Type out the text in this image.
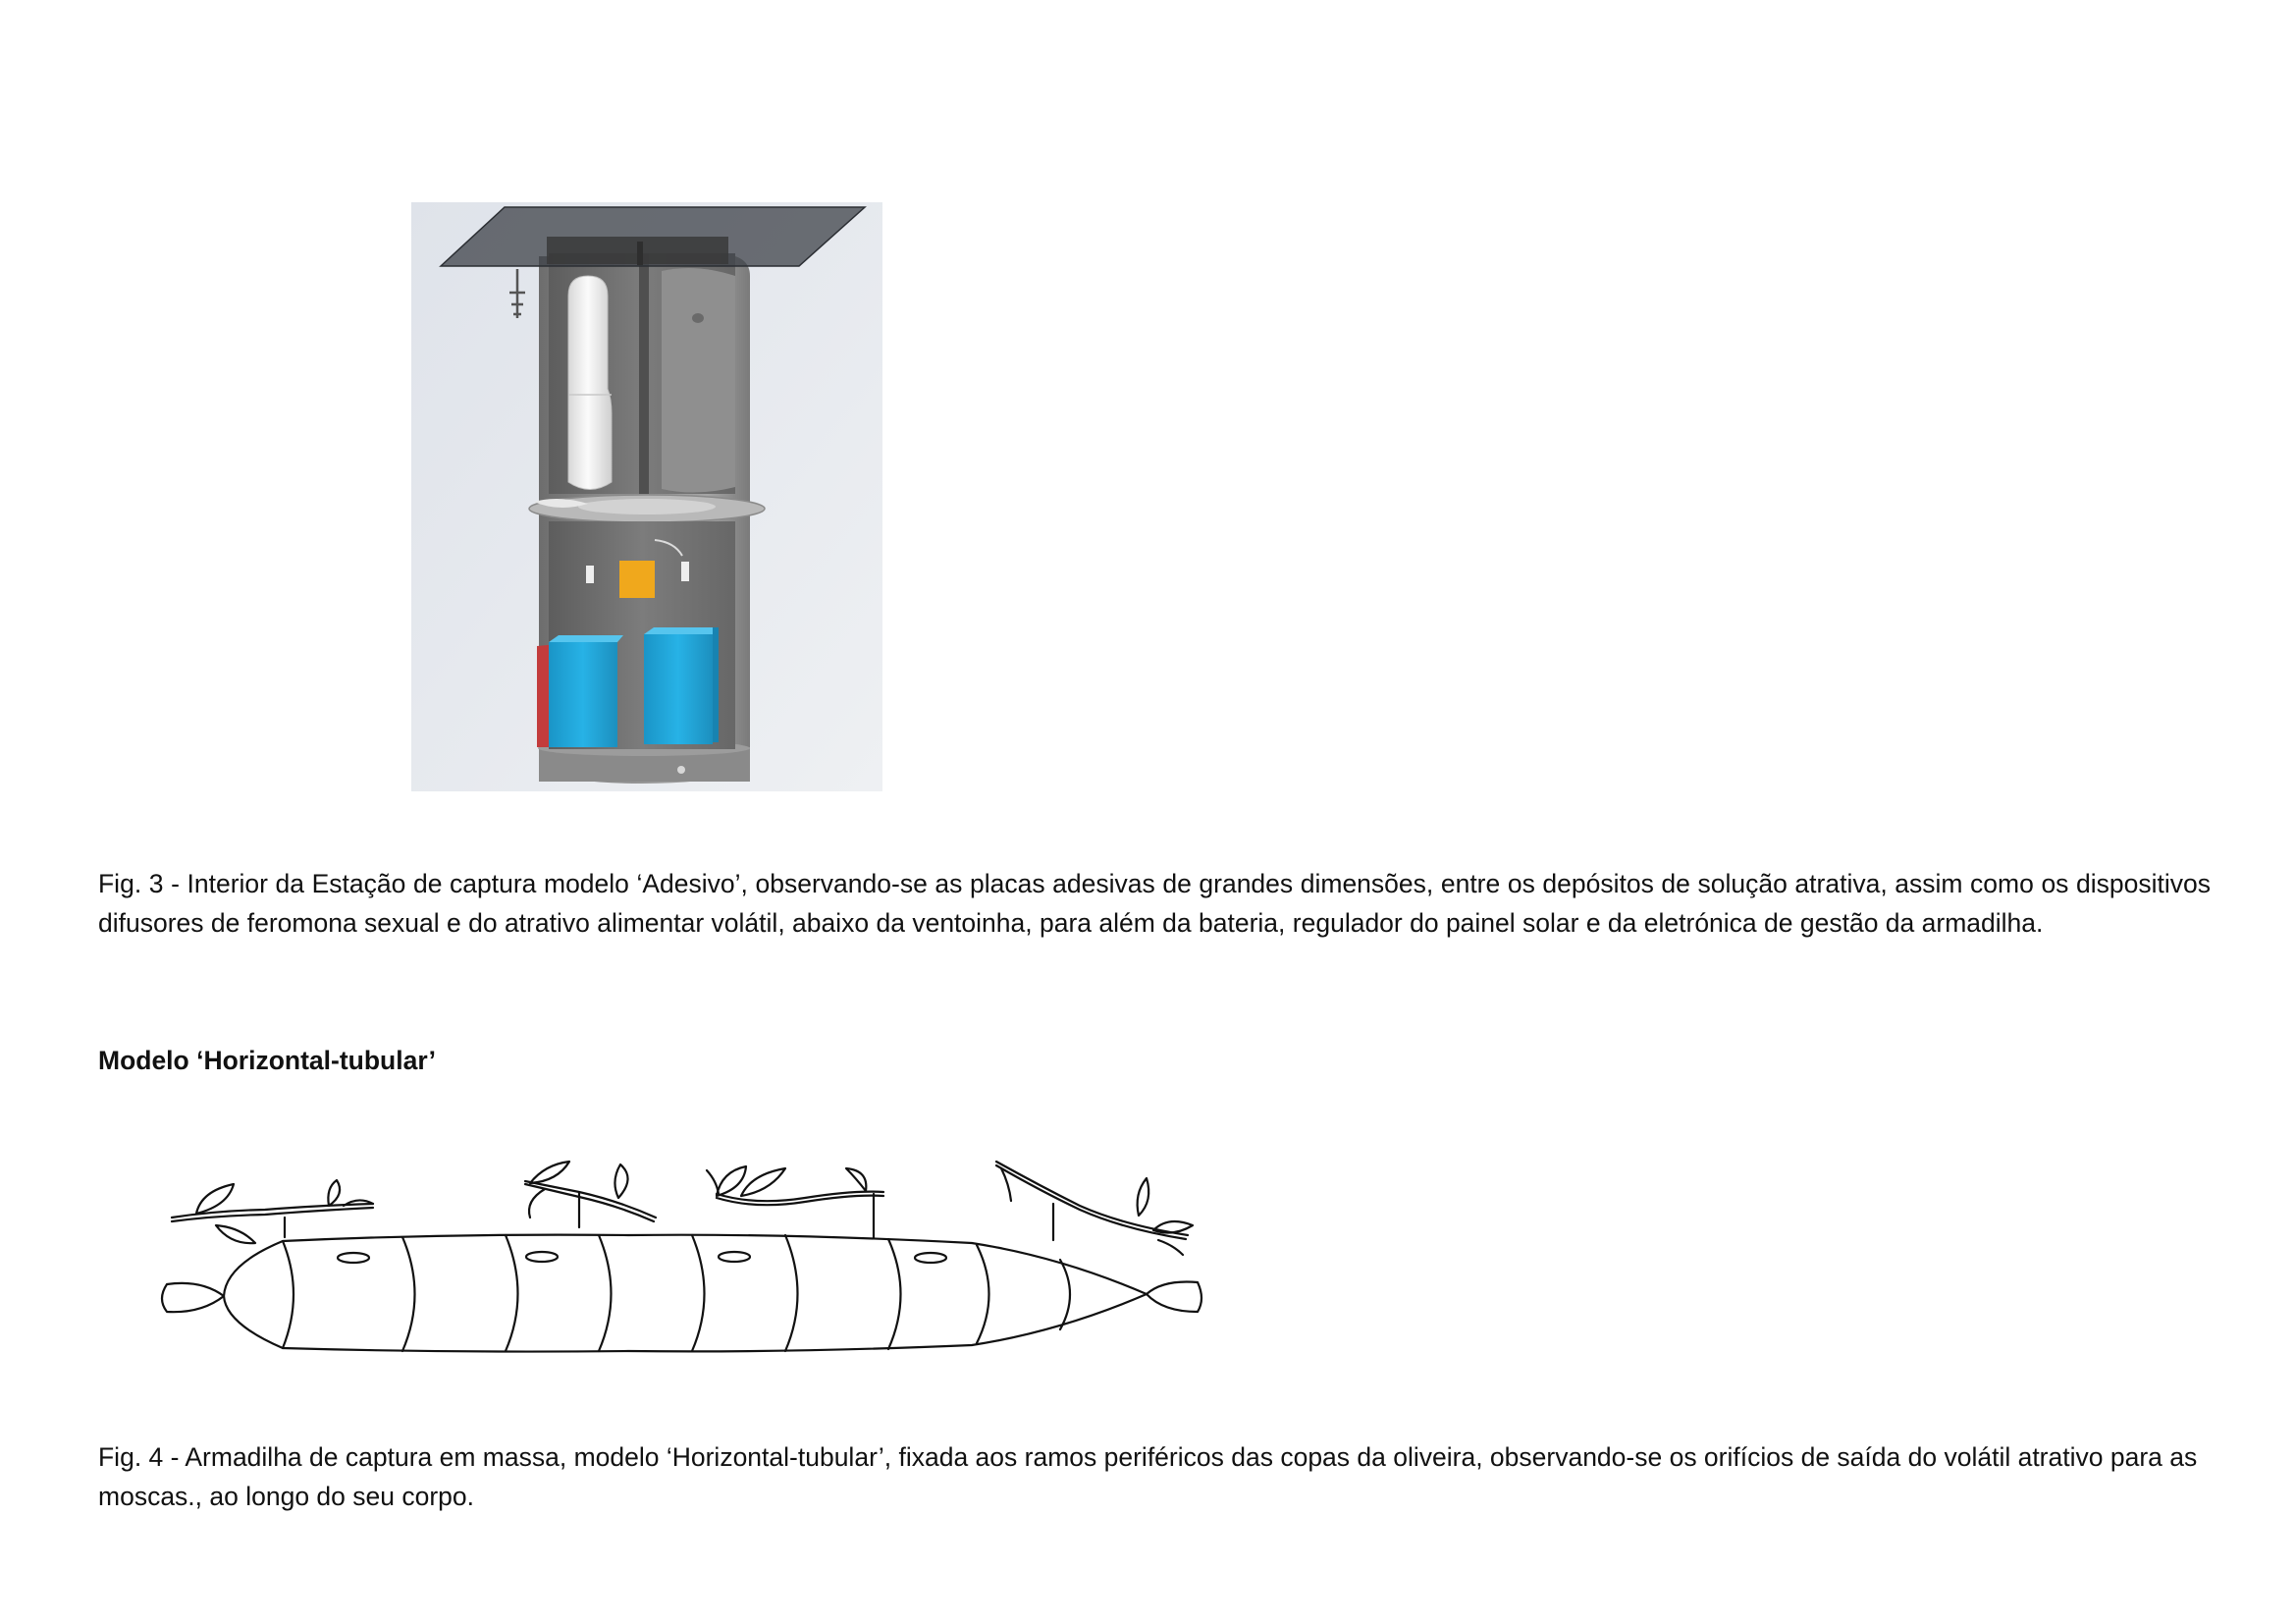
Fig. 3 - Interior da Estação de captura modelo ‘Adesivo’, observando-se as placas adesivas de grandes dimensões, entre os depósitos de solução atrativa, assim como os dispositivos difusores de feromona sexual e do atrativo alimentar volátil, abaixo da ventoinha, para além da bateria, regulador do painel solar e da eletrónica de gestão da armadilha.

Modelo ‘Horizontal-tubular’

Fig. 4 - Armadilha de captura em massa, modelo ‘Horizontal-tubular’, fixada aos ramos periféricos das copas da oliveira, observando-se os orifícios de saída do volátil atrativo para as moscas., ao longo do seu corpo.
